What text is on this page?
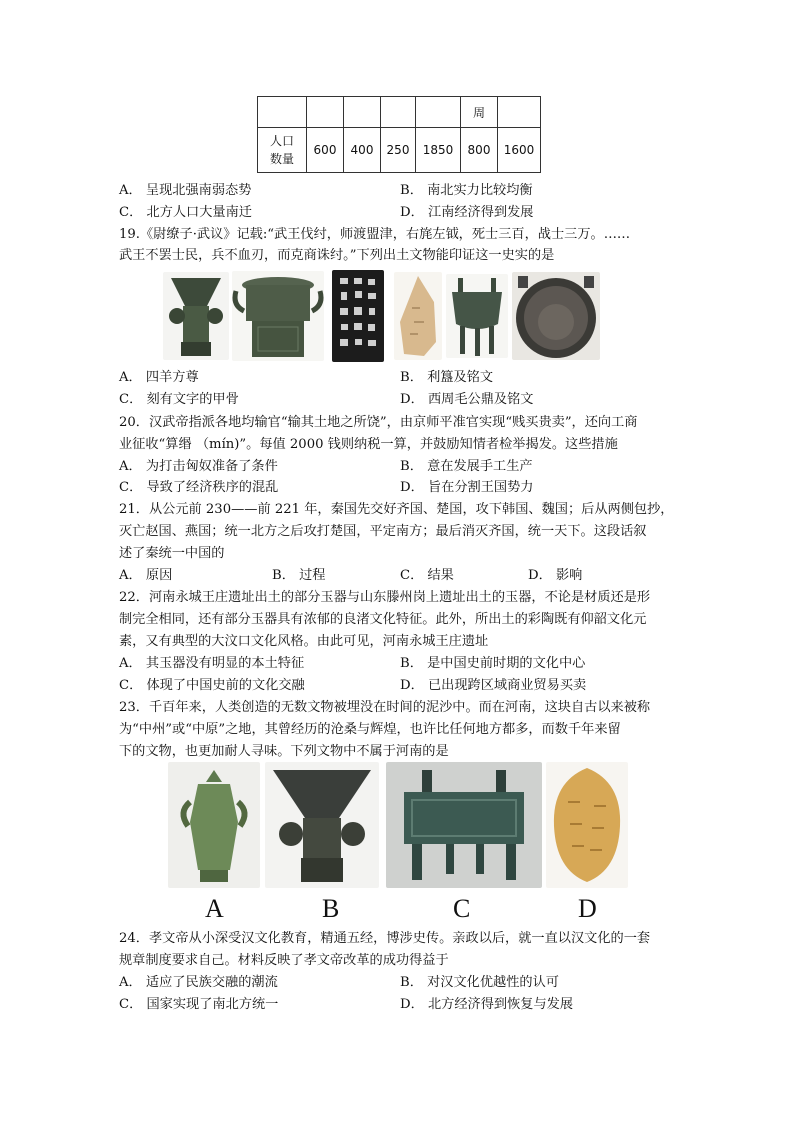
					周	
人口
数量	600	400	250	1850	800	1600
A． 呈现北强南弱态势	B． 南北实力比较均衡
C． 北方人口大量南迁	D． 江南经济得到发展
19.《尉缭子·武议》记载:“武王伐纣，师渡盟津，右旄左钺，死士三百，战士三万。……
武王不罢士民，兵不血刃，而克商诛纣。”下列出土文物能印证这一史实的是
A． 四羊方尊	B． 利簋及铭文
C． 刻有文字的甲骨	D． 西周毛公鼎及铭文
20．汉武帝指派各地均输官“输其土地之所饶”，由京师平准官实现“贱买贵卖”，还向工商
业征收“算缗 （mín)”。每值 2000 钱则纳税一算，并鼓励知情者检举揭发。这些措施
A． 为打击匈奴准备了条件	B． 意在发展手工生产
C． 导致了经济秩序的混乱	D． 旨在分割王国势力
21．从公元前 230——前 221 年，秦国先交好齐国、楚国，攻下韩国、魏国；后从两侧包抄，
灭亡赵国、燕国；统一北方之后攻打楚国，平定南方；最后消灭齐国，统一天下。这段话叙
述了秦统一中国的
A． 原因	B． 过程	C． 结果	D． 影响
22．河南永城王庄遗址出土的部分玉器与山东滕州岗上遗址出土的玉器，不论是材质还是形
制完全相同，还有部分玉器具有浓郁的良渚文化特征。此外，所出土的彩陶既有仰韶文化元
素，又有典型的大汶口文化风格。由此可见，河南永城王庄遗址
A． 其玉器没有明显的本土特征	B． 是中国史前时期的文化中心
C． 体现了中国史前的文化交融	D． 已出现跨区域商业贸易买卖
23．千百年来，人类创造的无数文物被埋没在时间的泥沙中。而在河南，这块自古以来被称
为“中州”或“中原”之地，其曾经历的沧桑与辉煌，也许比任何地方都多，而数千年来留
下的文物，也更加耐人寻味。下列文物中不属于河南的是
A	B	C	D
24．孝文帝从小深受汉文化教育，精通五经，博涉史传。亲政以后，就一直以汉文化的一套
规章制度要求自己。材料反映了孝文帝改革的成功得益于
A． 适应了民族交融的潮流	B． 对汉文化优越性的认可
C． 国家实现了南北方统一	D． 北方经济得到恢复与发展
